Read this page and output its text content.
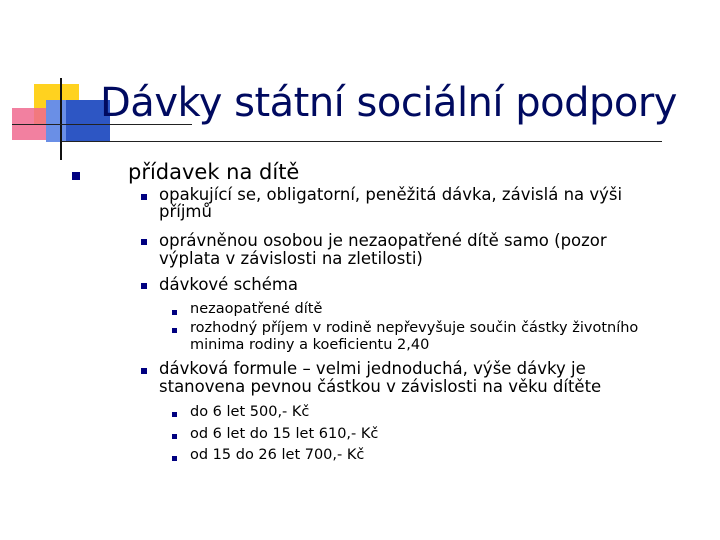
Dávky státní sociální podpory
přídavek na dítě
opakující se, obligatorní, peněžitá dávka, závislá na výši
příjmů
oprávněnou osobou je nezaopatřené dítě samo (pozor
výplata v závislosti na zletilosti)
dávkové schéma
nezaopatřené dítě
rozhodný příjem v rodině nepřevyšuje součin částky životního
minima rodiny a koeficientu 2,40
dávková formule – velmi jednoduchá, výše dávky je
stanovena pevnou částkou v závislosti na věku dítěte
do 6 let 500,- Kč
od 6 let do 15 let 610,- Kč
od 15 do 26 let 700,- Kč
